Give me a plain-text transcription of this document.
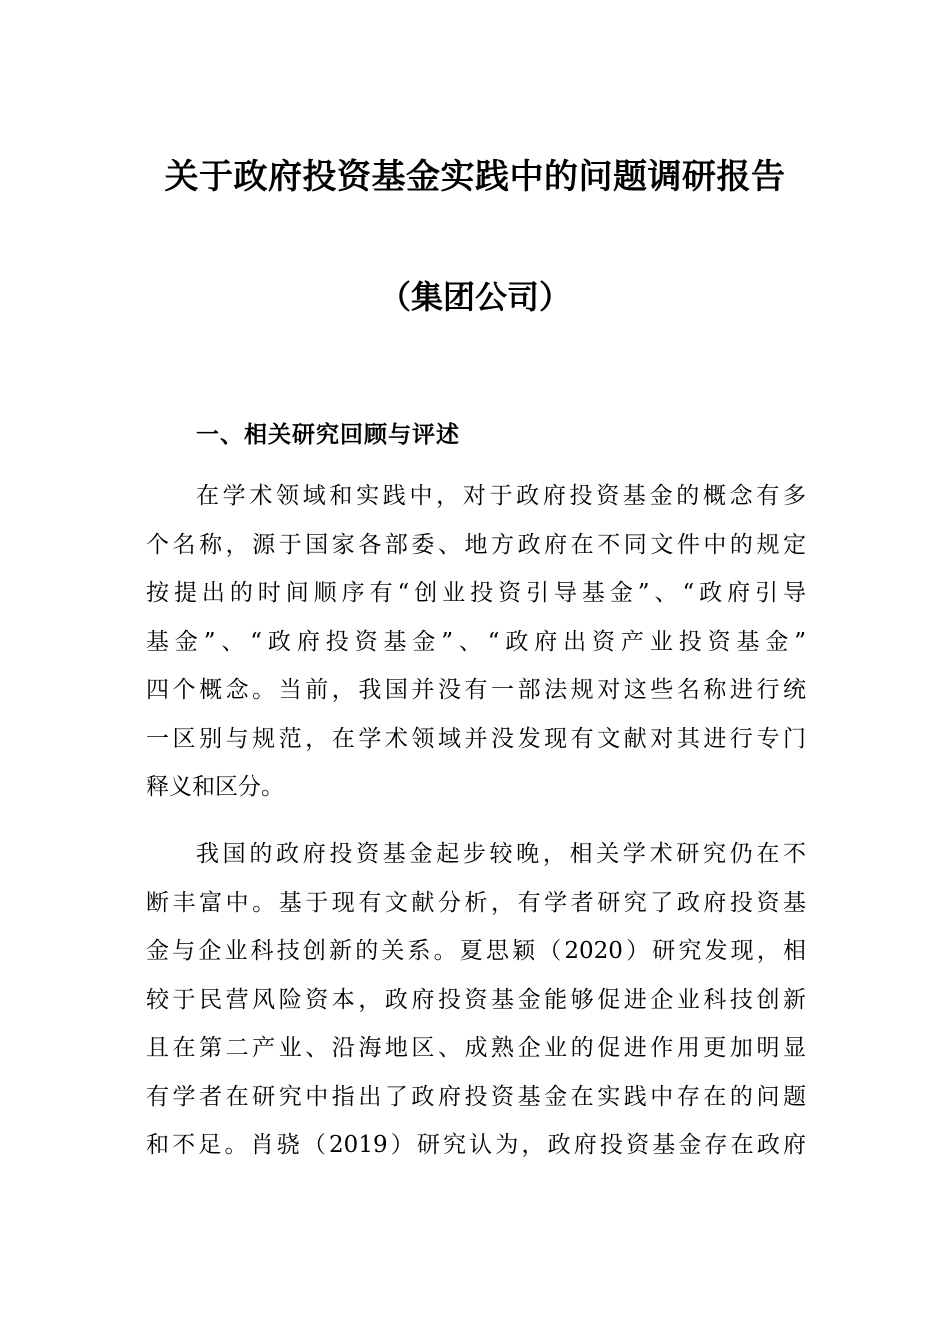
关于政府投资基金实践中的问题调研报告
（集团公司）
一、相关研究回顾与评述
在学术领域和实践中，对于政府投资基金的概念有多
个名称，源于国家各部委、地方政府在不同文件中的规定
按提出的时间顺序有“创业投资引导基金”、“政府引导
基金”、“政府投资基金”、“政府出资产业投资基金”
四个概念。当前，我国并没有一部法规对这些名称进行统
一区别与规范，在学术领域并没发现有文献对其进行专门
释义和区分。
我国的政府投资基金起步较晚，相关学术研究仍在不
断丰富中。基于现有文献分析，有学者研究了政府投资基
金与企业科技创新的关系。夏思颖（2020）研究发现，相
较于民营风险资本，政府投资基金能够促进企业科技创新
且在第二产业、沿海地区、成熟企业的促进作用更加明显
有学者在研究中指出了政府投资基金在实践中存在的问题
和不足。肖骁（2019）研究认为，政府投资基金存在政府
